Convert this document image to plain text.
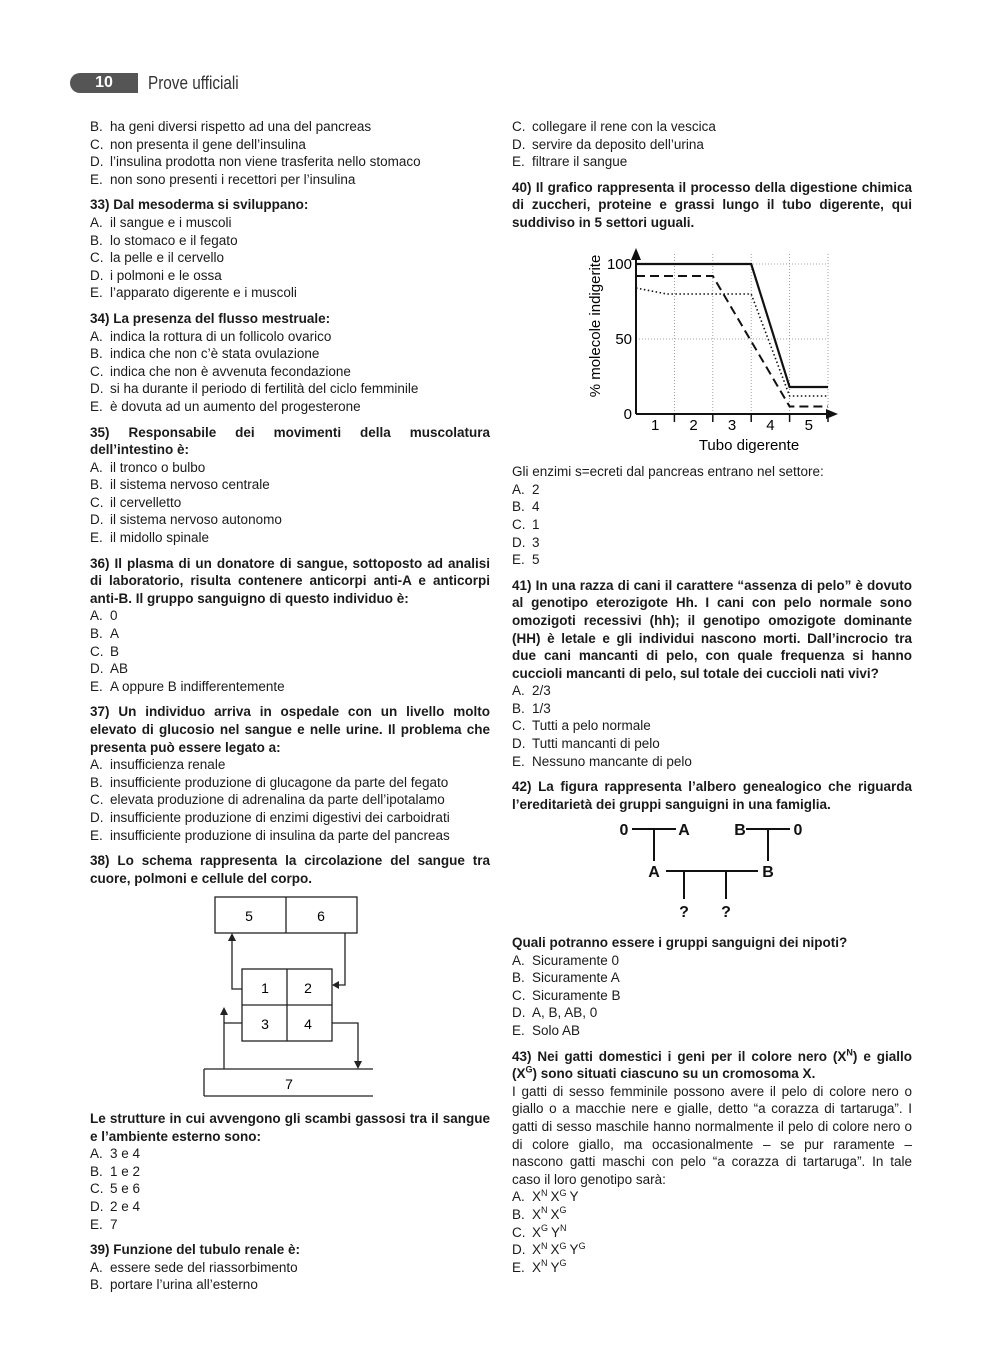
10	Prove ufficiali
B. ha geni diversi rispetto ad una del pancreas
C. non presenta il gene dell’insulina
D. l’insulina prodotta non viene trasferita nello stomaco
E. non sono presenti i recettori per l’insulina
33) Dal mesoderma si sviluppano:
A. il sangue e i muscoli
B. lo stomaco e il fegato
C. la pelle e il cervello
D. i polmoni e le ossa
E. l’apparato digerente e i muscoli
34) La presenza del flusso mestruale:
A. indica la rottura di un follicolo ovarico
B. indica che non c’è stata ovulazione
C. indica che non è avvenuta fecondazione
D. si ha durante il periodo di fertilità del ciclo femminile
E. è dovuta ad un aumento del progesterone
35) Responsabile dei movimenti della muscolatura dell’intestino è:
A. il tronco o bulbo
B. il sistema nervoso centrale
C. il cervelletto
D. il sistema nervoso autonomo
E. il midollo spinale
36) Il plasma di un donatore di sangue, sottoposto ad analisi di laboratorio, risulta contenere anticorpi anti-A e anticorpi anti-B. Il gruppo sanguigno di questo individuo è:
A. 0
B. A
C. B
D. AB
E. A oppure B indifferentemente
37) Un individuo arriva in ospedale con un livello molto elevato di glucosio nel sangue e nelle urine. Il problema che presenta può essere legato a:
A. insufficienza renale
B. insufficiente produzione di glucagone da parte del fegato
C. elevata produzione di adrenalina da parte dell’ipotalamo
D. insufficiente produzione di enzimi digestivi dei carboidrati
E. insufficiente produzione di insulina da parte del pancreas
38) Lo schema rappresenta la circolazione del sangue tra cuore, polmoni e cellule del corpo.
5	6
1	2
3	4
7
Le strutture in cui avvengono gli scambi gassosi tra il sangue e l’ambiente esterno sono:
A. 3 e 4
B. 1 e 2
C. 5 e 6
D. 2 e 4
E. 7
39) Funzione del tubulo renale è:
A. essere sede del riassorbimento
B. portare l’urina all’esterno
C. collegare il rene con la vescica
D. servire da deposito dell’urina
E. filtrare il sangue
40) Il grafico rappresenta il processo della digestione chimica di zuccheri, proteine e grassi lungo il tubo digerente, qui suddiviso in 5 settori uguali.
1 2 3 4 5
0
50
100
Tubo digerente
% molecole indigerite
Gli enzimi s=ecreti dal pancreas entrano nel settore:
A. 2
B. 4
C. 1
D. 3
E. 5
41) In una razza di cani il carattere “assenza di pelo” è dovuto al genotipo eterozigote Hh. I cani con pelo normale sono omozigoti recessivi (hh); il genotipo omozigote dominante (HH) è letale e gli individui nascono morti. Dall’incrocio tra due cani mancanti di pelo, con quale frequenza si hanno cuccioli mancanti di pelo, sul totale dei cuccioli nati vivi?
A. 2/3
B. 1/3
C. Tutti a pelo normale
D. Tutti mancanti di pelo
E. Nessuno mancante di pelo
42) La figura rappresenta l’albero genealogico che riguarda l’ereditarietà dei gruppi sanguigni in una famiglia.
0	A	B	0
A	B
? ?
Quali potranno essere i gruppi sanguigni dei nipoti?
A. Sicuramente 0
B. Sicuramente A
C. Sicuramente B
D. A, B, AB, 0
E. Solo AB
43) Nei gatti domestici i geni per il colore nero $(X^N)$ e giallo $(X^G)$ sono situati ciascuno su un cromosoma X.
I gatti di sesso femminile possono avere il pelo di colore nero o giallo o a macchie nere e gialle, detto “a corazza di tartaruga”. I gatti di sesso maschile hanno normalmente il pelo di colore nero o di colore giallo, ma occasionalmente – se pur raramente – nascono gatti maschi con pelo “a corazza di tartaruga”. In tale caso il loro genotipo sarà:
A. $X^N$ $X^G$ Y
B. $X^N$ $X^G$
C. $X^G$ $Y^N$
D. $X^N$ $X^G$ $Y^G$
E. $X^N$ $Y^G$
